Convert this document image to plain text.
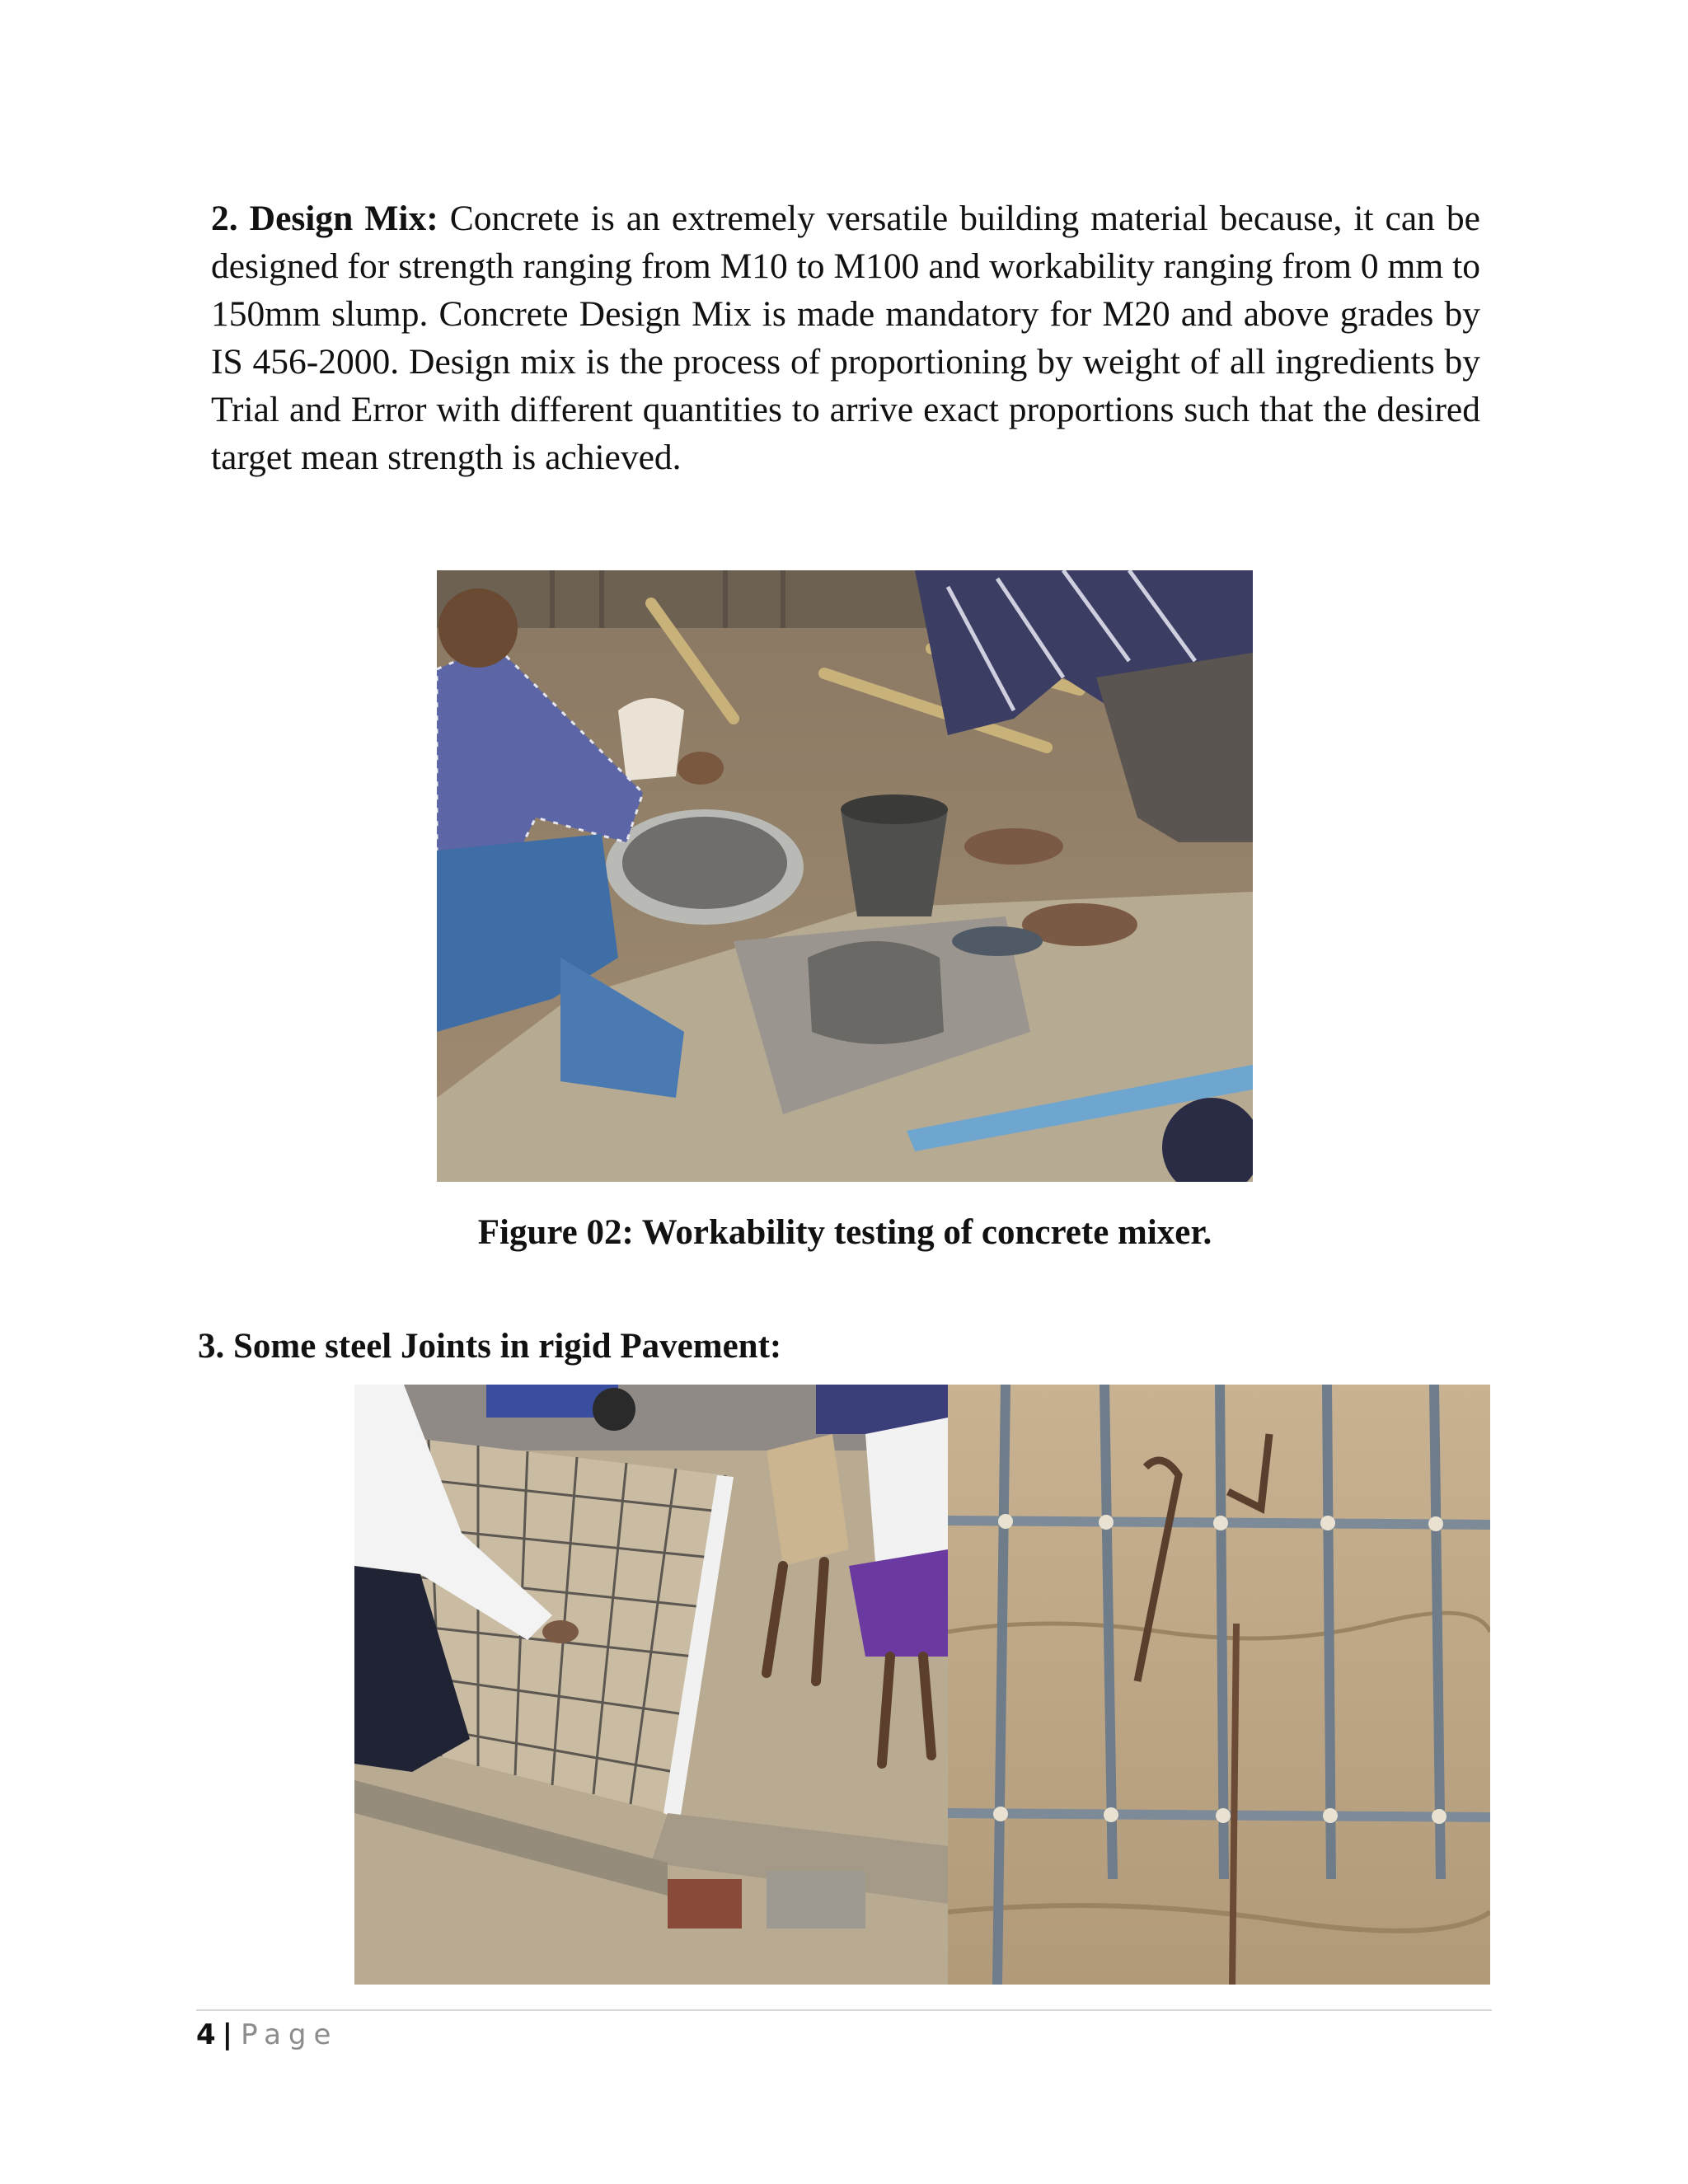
2. Design Mix: Concrete is an extremely versatile building material because, it can be designed for strength ranging from M10 to M100 and workability ranging from 0 mm to 150mm slump. Concrete Design Mix is made mandatory for M20 and above grades by IS 456-2000. Design mix is the process of proportioning by weight of all ingredients by Trial and Error with different quantities to arrive exact proportions such that the desired target mean strength is achieved.

Figure 02: Workability testing of concrete mixer.

3. Some steel Joints in rigid Pavement:

4 | Page
